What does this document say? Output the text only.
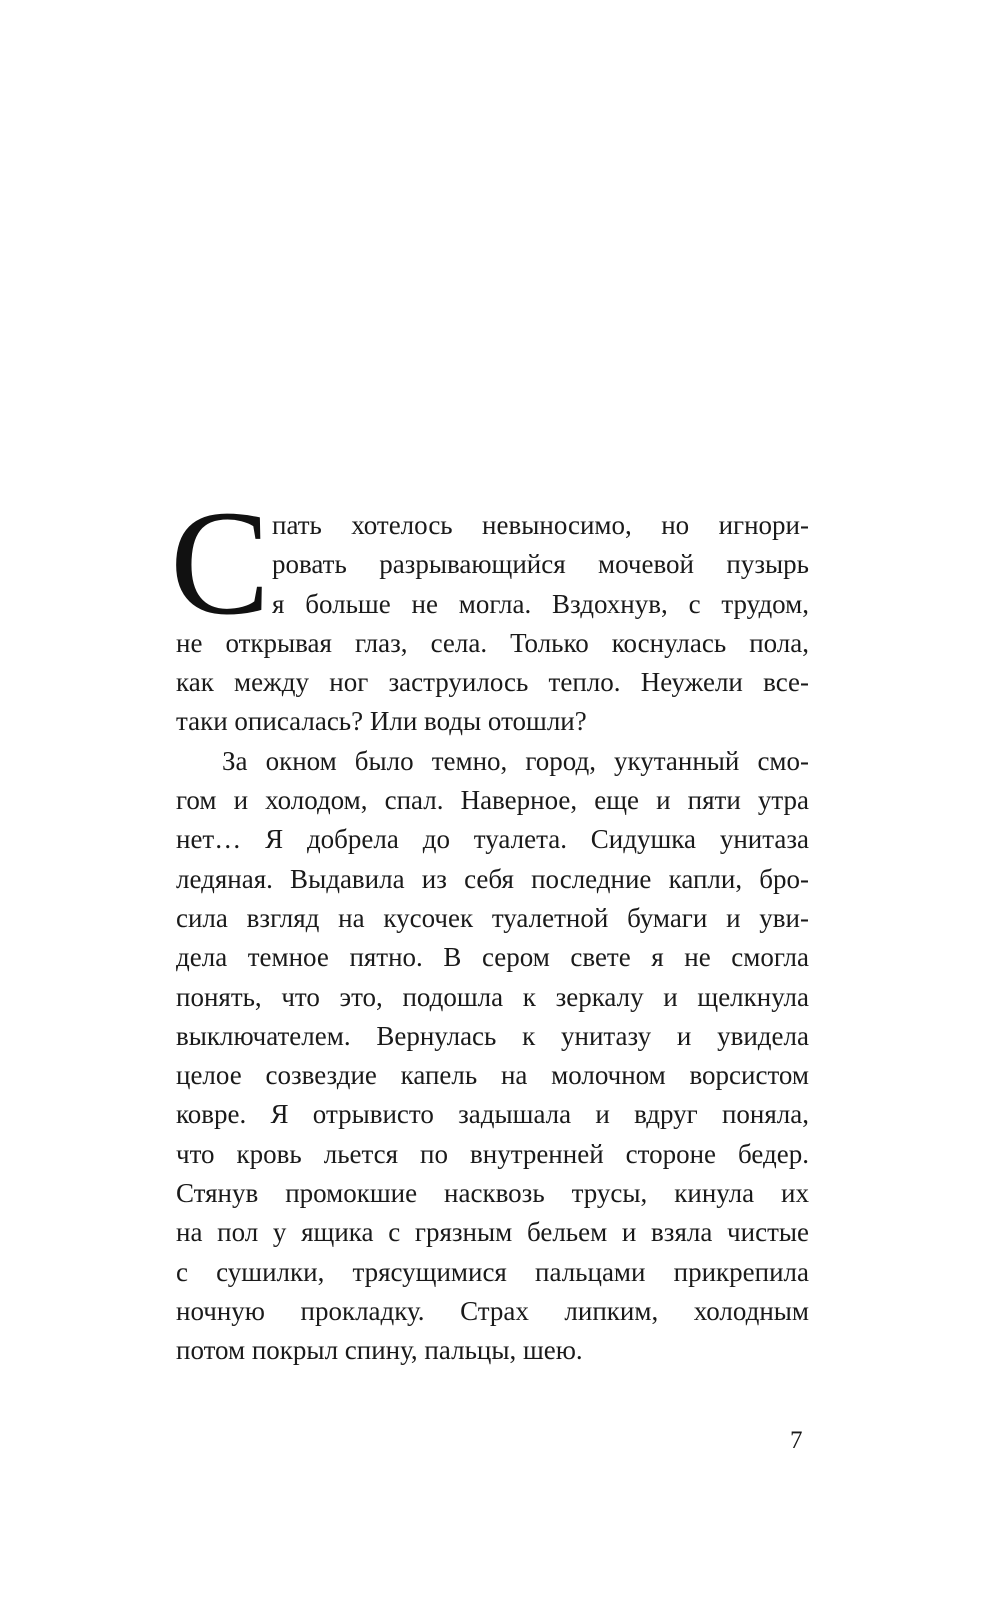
С пать хотелось невыносимо, но игнори-
ровать разрывающийся мочевой пузырь
я больше не могла. Вздохнув, с трудом,
не открывая глаз, села. Только коснулась пола,
как между ног заструилось тепло. Неужели все-
таки описалась? Или воды отошли?
За окном было темно, город, укутанный смо-
гом и холодом, спал. Наверное, еще и пяти утра
нет… Я добрела до туалета. Сидушка унитаза
ледяная. Выдавила из себя последние капли, бро-
сила взгляд на кусочек туалетной бумаги и уви-
дела темное пятно. В сером свете я не смогла
понять, что это, подошла к зеркалу и щелкнула
выключателем. Вернулась к унитазу и увидела
целое созвездие капель на молочном ворсистом
ковре. Я отрывисто задышала и вдруг поняла,
что кровь льется по внутренней стороне бедер.
Стянув промокшие насквозь трусы, кинула их
на пол у ящика с грязным бельем и взяла чистые
с сушилки, трясущимися пальцами прикрепила
ночную прокладку. Страх липким, холодным
потом покрыл спину, пальцы, шею.
7
